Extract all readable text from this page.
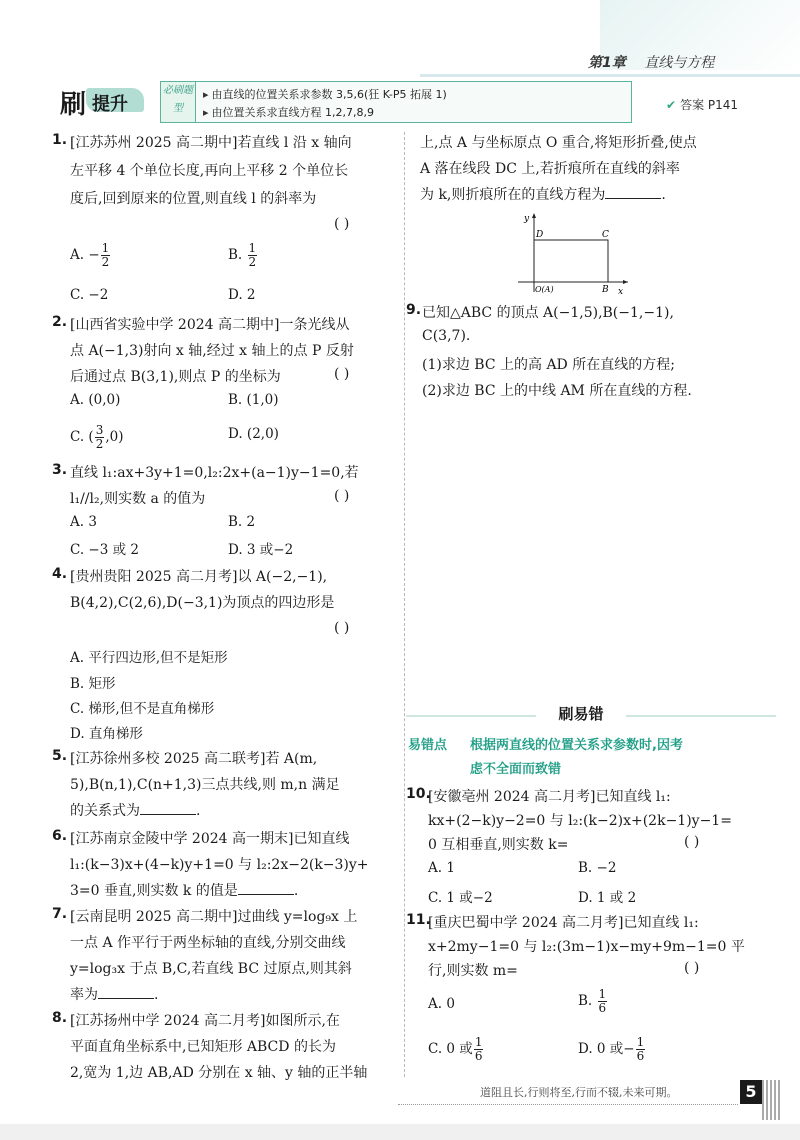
第1章 直线与方程
刷 提升
必刷题型
▸ 由直线的位置关系求参数 3,5,6(狂 K-P5 拓展 1)
▸ 由位置关系求直线方程 1,2,7,8,9
✔ 答案 P141
1. [江苏苏州 2025 高二期中]若直线 l 沿 x 轴向
左平移 4 个单位长度,再向上平移 2 个单位长
度后,回到原来的位置,则直线 l 的斜率为
( )
A. − $\frac{1}{2}$	B. $\frac{1}{2}$
C. −2	D. 2
2. [山西省实验中学 2024 高二期中]一条光线从
点 A(−1,3)射向 x 轴,经过 x 轴上的点 P 反射
后通过点 B(3,1),则点 P 的坐标为	( )
A. (0,0)	B. (1,0)
C. ( $\frac{3}{2} ,0$)	D. (2,0)
3. 直线 l₁:ax+3y+1=0,l₂:2x+(a−1)y−1=0,若
l₁//l₂,则实数 a 的值为	( )
A. 3	B. 2
C. −3 或 2	D. 3 或−2
4. [贵州贵阳 2025 高二月考]以 A(−2,−1),
B(4,2),C(2,6),D(−3,1)为顶点的四边形是
( )
A. 平行四边形,但不是矩形
B. 矩形
C. 梯形,但不是直角梯形
D. 直角梯形
5. [江苏徐州多校 2025 高二联考]若 A(m,
5),B(n,1),C(n+1,3)三点共线,则 m,n 满足
的关系式为	.
6. [江苏南京金陵中学 2024 高一期末]已知直线
l₁:(k−3)x+(4−k)y+1=0 与 l₂:2x−2(k−3)y+
3=0 垂直,则实数 k 的值是	.
7. [云南昆明 2025 高二期中]过曲线 y=log₉x 上
一点 A 作平行于两坐标轴的直线,分别交曲线
y=log₃x 于点 B,C,若直线 BC 过原点,则其斜
率为	.
8. [江苏扬州中学 2024 高二月考]如图所示,在
平面直角坐标系中,已知矩形 ABCD 的长为
2,宽为 1,边 AB,AD 分别在 x 轴、y 轴的正半轴
上,点 A 与坐标原点 O 重合,将矩形折叠,使点
A 落在线段 DC 上,若折痕所在直线的斜率
为 k,则折痕所在的直线方程为	.
y
x
D	C
O(A)	B
9. 已知△ABC 的顶点 A(−1,5),B(−1,−1),
C(3,7).
(1)求边 BC 上的高 AD 所在直线的方程;
(2)求边 BC 上的中线 AM 所在直线的方程.
刷易错
易错点 根据两直线的位置关系求参数时,因考
虑不全面而致错
10.
[安徽亳州 2024 高二月考]已知直线 l₁:
kx+(2−k)y−2=0 与 l₂:(k−2)x+(2k−1)y−1=
0 互相垂直,则实数 k=	( )
A. 1	B. −2
C. 1 或−2	D. 1 或 2
11.
[重庆巴蜀中学 2024 高二月考]已知直线 l₁:
x+2my−1=0 与 l₂:(3m−1)x−my+9m−1=0 平
行,则实数 m=	( )
A. 0	B. $\frac{1}{6}$
C. 0 或 $\frac{1}{6}$	D. 0 或− $\frac{1}{6}$
道阻且长,行则将至,行而不辍,未来可期。	5
